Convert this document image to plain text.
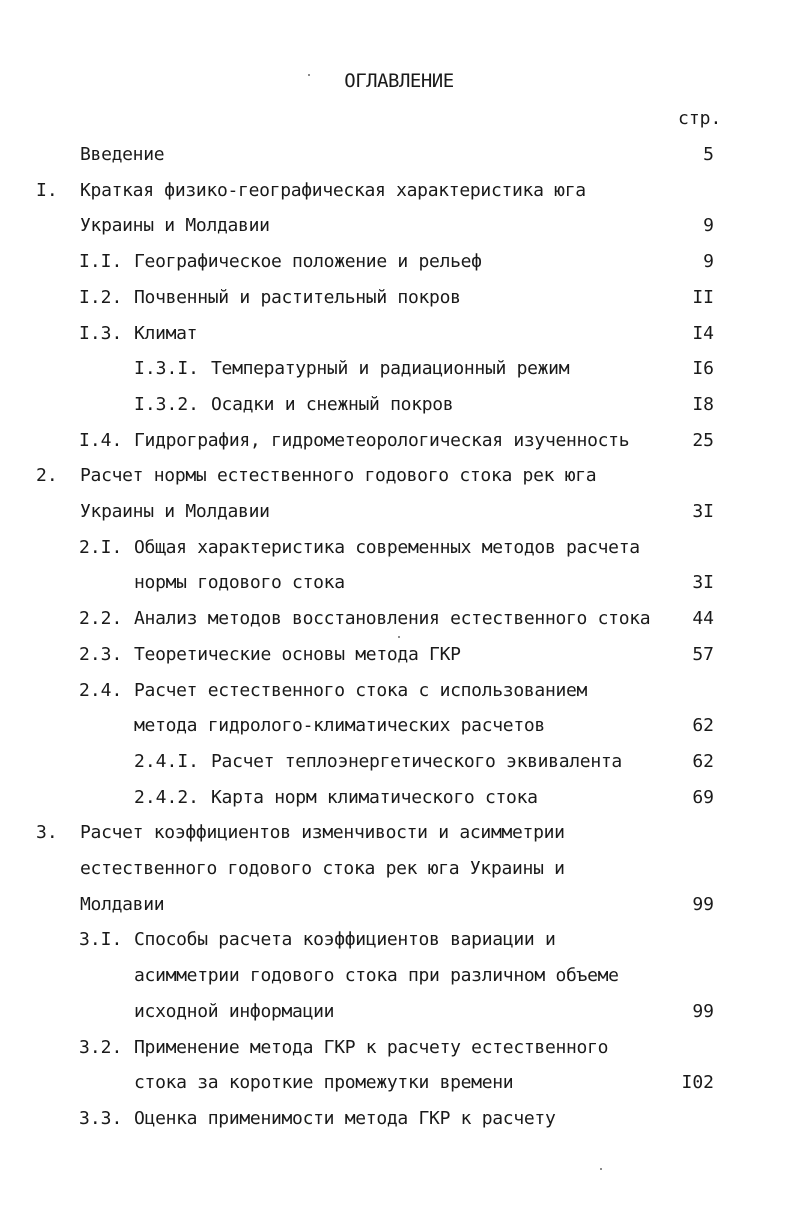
ОГЛАВЛЕНИЕ
стр.
Введение	5
I. Краткая физико-географическая характеристика юга
Украины и Молдавии	9
I.I. Географическое положение и рельеф	9
I.2. Почвенный и растительный покров	II
I.3. Климат	I4
I.3.I. Температурный и радиационный режим	I6
I.3.2. Осадки и снежный покров	I8
I.4. Гидрография, гидрометеорологическая изученность	25
2. Расчет нормы естественного годового стока рек юга
Украины и Молдавии	3I
2.I. Общая характеристика современных методов расчета
нормы годового стока	3I
2.2. Анализ методов восстановления естественного стока	44
2.3. Теоретические основы метода ГКР	57
2.4. Расчет естественного стока с использованием
метода гидролого-климатических расчетов	62
2.4.I. Расчет теплоэнергетического эквивалента	62
2.4.2. Карта норм климатического стока	69
3. Расчет коэффициентов изменчивости и асимметрии
естественного годового стока рек юга Украины и
Молдавии	99
3.I. Способы расчета коэффициентов вариации и
асимметрии годового стока при различном объеме
исходной информации	99
3.2. Применение метода ГКР к расчету естественного
стока за короткие промежутки времени	I02
3.3. Оценка применимости метода ГКР к расчету
